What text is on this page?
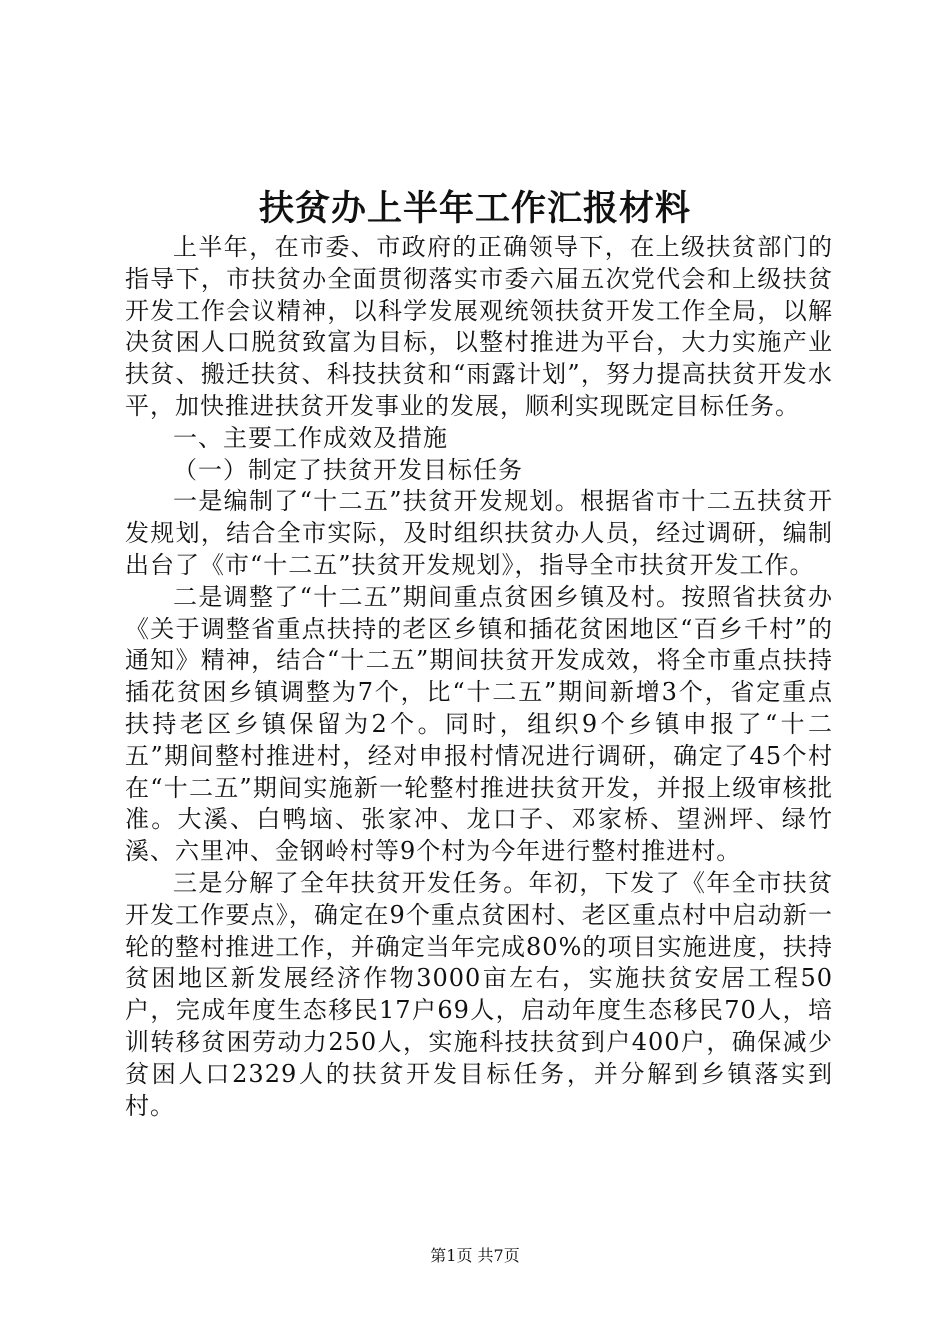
扶贫办上半年工作汇报材料

上半年，在市委、市政府的正确领导下，在上级扶贫部门的指导下，市扶贫办全面贯彻落实市委六届五次党代会和上级扶贫开发工作会议精神，以科学发展观统领扶贫开发工作全局，以解决贫困人口脱贫致富为目标，以整村推进为平台，大力实施产业扶贫、搬迁扶贫、科技扶贫和“雨露计划”，努力提高扶贫开发水平，加快推进扶贫开发事业的发展，顺利实现既定目标任务。

一、主要工作成效及措施

（一）制定了扶贫开发目标任务

一是编制了“十二五”扶贫开发规划。根据省市十二五扶贫开发规划，结合全市实际，及时组织扶贫办人员，经过调研，编制出台了《市“十二五”扶贫开发规划》，指导全市扶贫开发工作。

二是调整了“十二五”期间重点贫困乡镇及村。按照省扶贫办《关于调整省重点扶持的老区乡镇和插花贫困地区“百乡千村”的通知》精神，结合“十二五”期间扶贫开发成效，将全市重点扶持插花贫困乡镇调整为7个，比“十二五”期间新增3个，省定重点扶持老区乡镇保留为2个。同时，组织9个乡镇申报了“十二五”期间整村推进村，经对申报村情况进行调研，确定了45个村在“十二五”期间实施新一轮整村推进扶贫开发，并报上级审核批准。大溪、白鸭垴、张家冲、龙口子、邓家桥、望洲坪、绿竹溪、六里冲、金钢岭村等9个村为今年进行整村推进村。

三是分解了全年扶贫开发任务。年初，下发了《年全市扶贫开发工作要点》，确定在9个重点贫困村、老区重点村中启动新一轮的整村推进工作，并确定当年完成80%的项目实施进度，扶持贫困地区新发展经济作物3000亩左右，实施扶贫安居工程50户，完成年度生态移民17户69人，启动年度生态移民70人，培训转移贫困劳动力250人，实施科技扶贫到户400户，确保减少贫困人口2329人的扶贫开发目标任务，并分解到乡镇落实到村。

第1页 共7页
